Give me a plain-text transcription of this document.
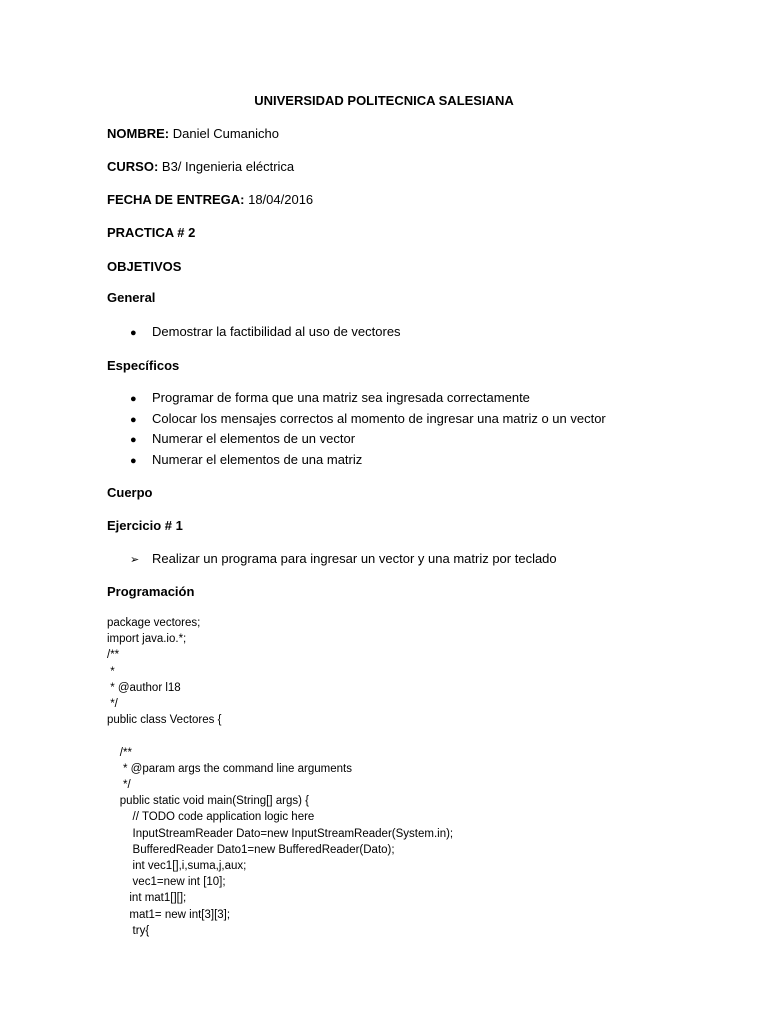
UNIVERSIDAD POLITECNICA SALESIANA
NOMBRE: Daniel Cumanicho
CURSO: B3/ Ingenieria eléctrica
FECHA DE ENTREGA: 18/04/2016
PRACTICA # 2
OBJETIVOS
General
● Demostrar la factibilidad al uso de vectores
Específicos
● Programar de forma que una matriz sea ingresada correctamente
● Colocar los mensajes correctos al momento de ingresar una matriz o un vector
● Numerar el elementos de un vector
● Numerar el elementos de una matriz
Cuerpo
Ejercicio # 1
➢ Realizar un programa para ingresar un vector y una matriz por teclado
Programación
package vectores;
import java.io.*;
/**
*
* @author l18
*/
public class Vectores {

/**
* @param args the command line arguments
*/
public static void main(String[] args) {
// TODO code application logic here
InputStreamReader Dato=new InputStreamReader(System.in);
BufferedReader Dato1=new BufferedReader(Dato);
int vec1[],i,suma,j,aux;
vec1=new int [10];
int mat1[][];
mat1= new int[3][3];
try{
